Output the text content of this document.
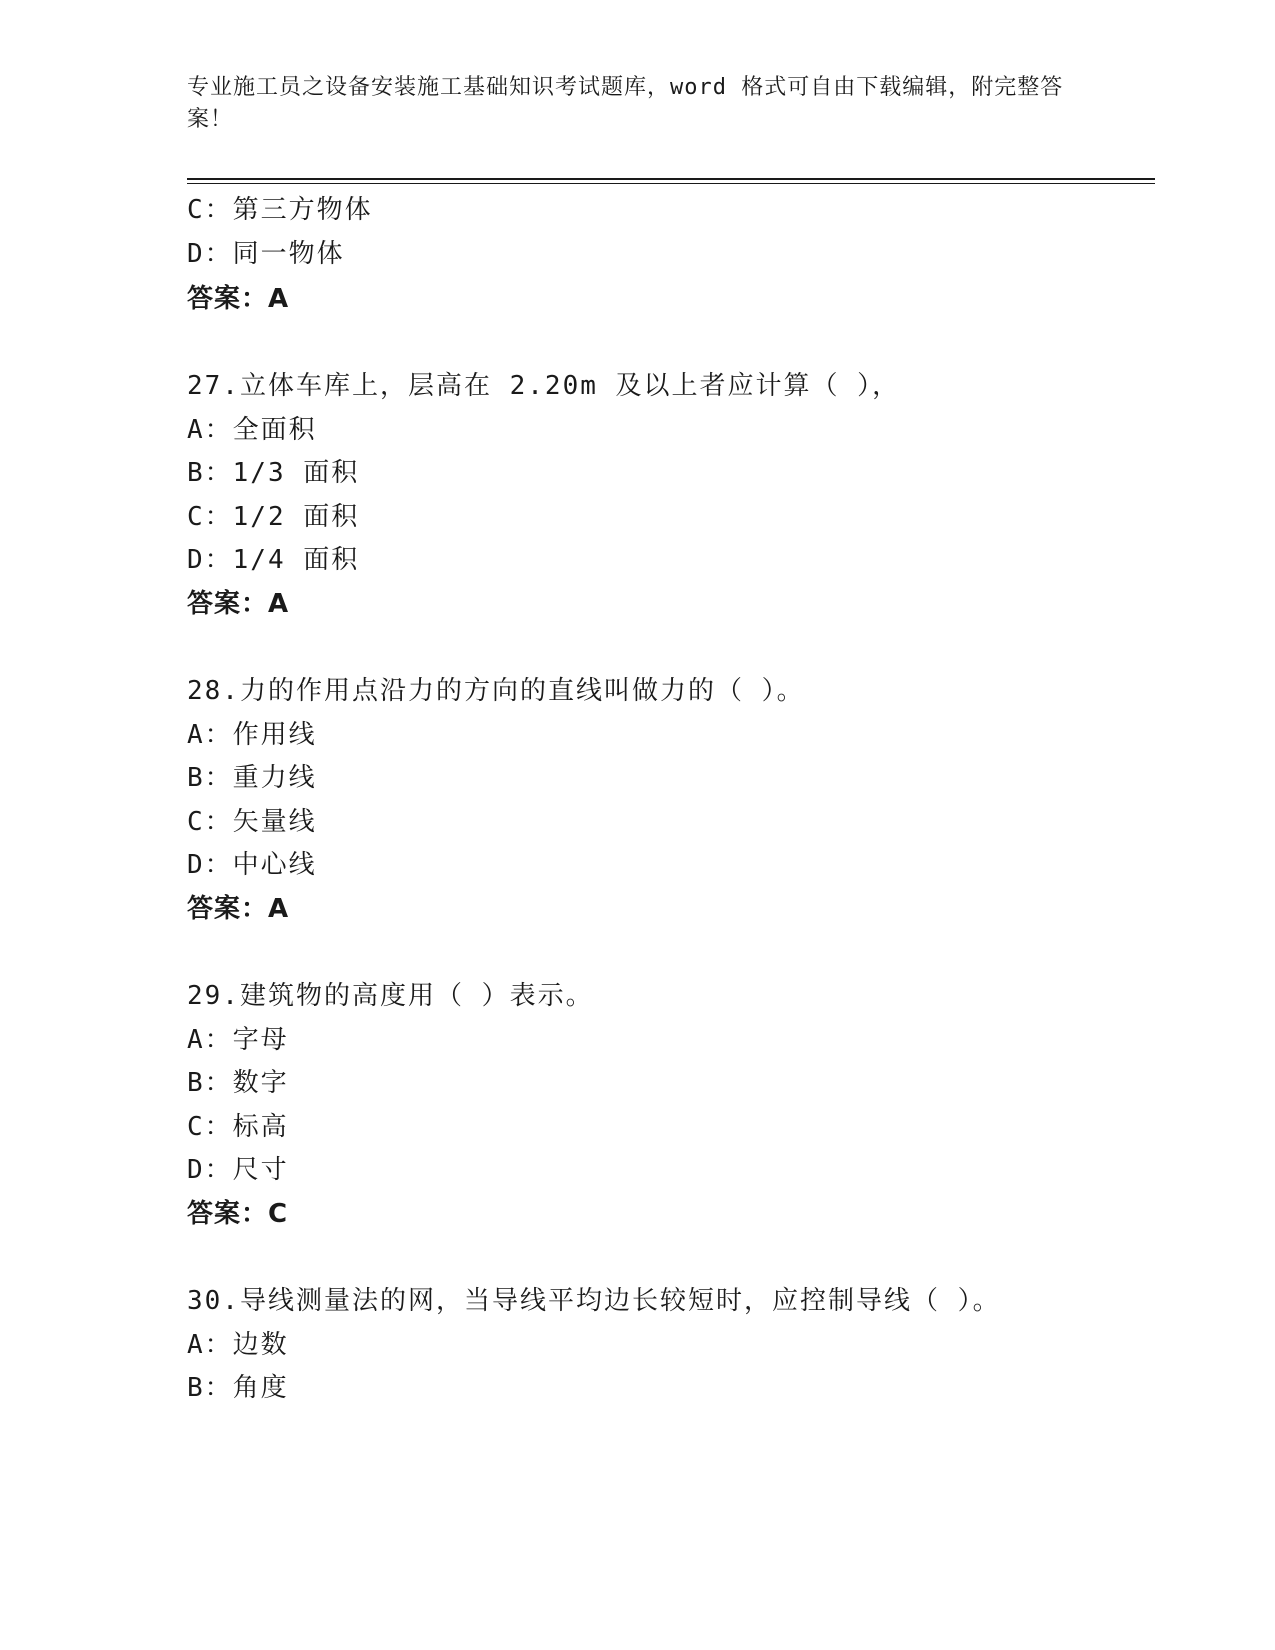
专业施工员之设备安装施工基础知识考试题库，word 格式可自由下载编辑，附完整答案！
C：第三方物体
D：同一物体
答案：A
27.立体车库上，层高在 2.20m 及以上者应计算（ ），
A：全面积
B：1/3 面积
C：1/2 面积
D：1/4 面积
答案：A
28.力的作用点沿力的方向的直线叫做力的（ ）。
A：作用线
B：重力线
C：矢量线
D：中心线
答案：A
29.建筑物的高度用（ ）表示。
A：字母
B：数字
C：标高
D：尺寸
答案：C
30.导线测量法的网，当导线平均边长较短时，应控制导线（ ）。
A：边数
B：角度
